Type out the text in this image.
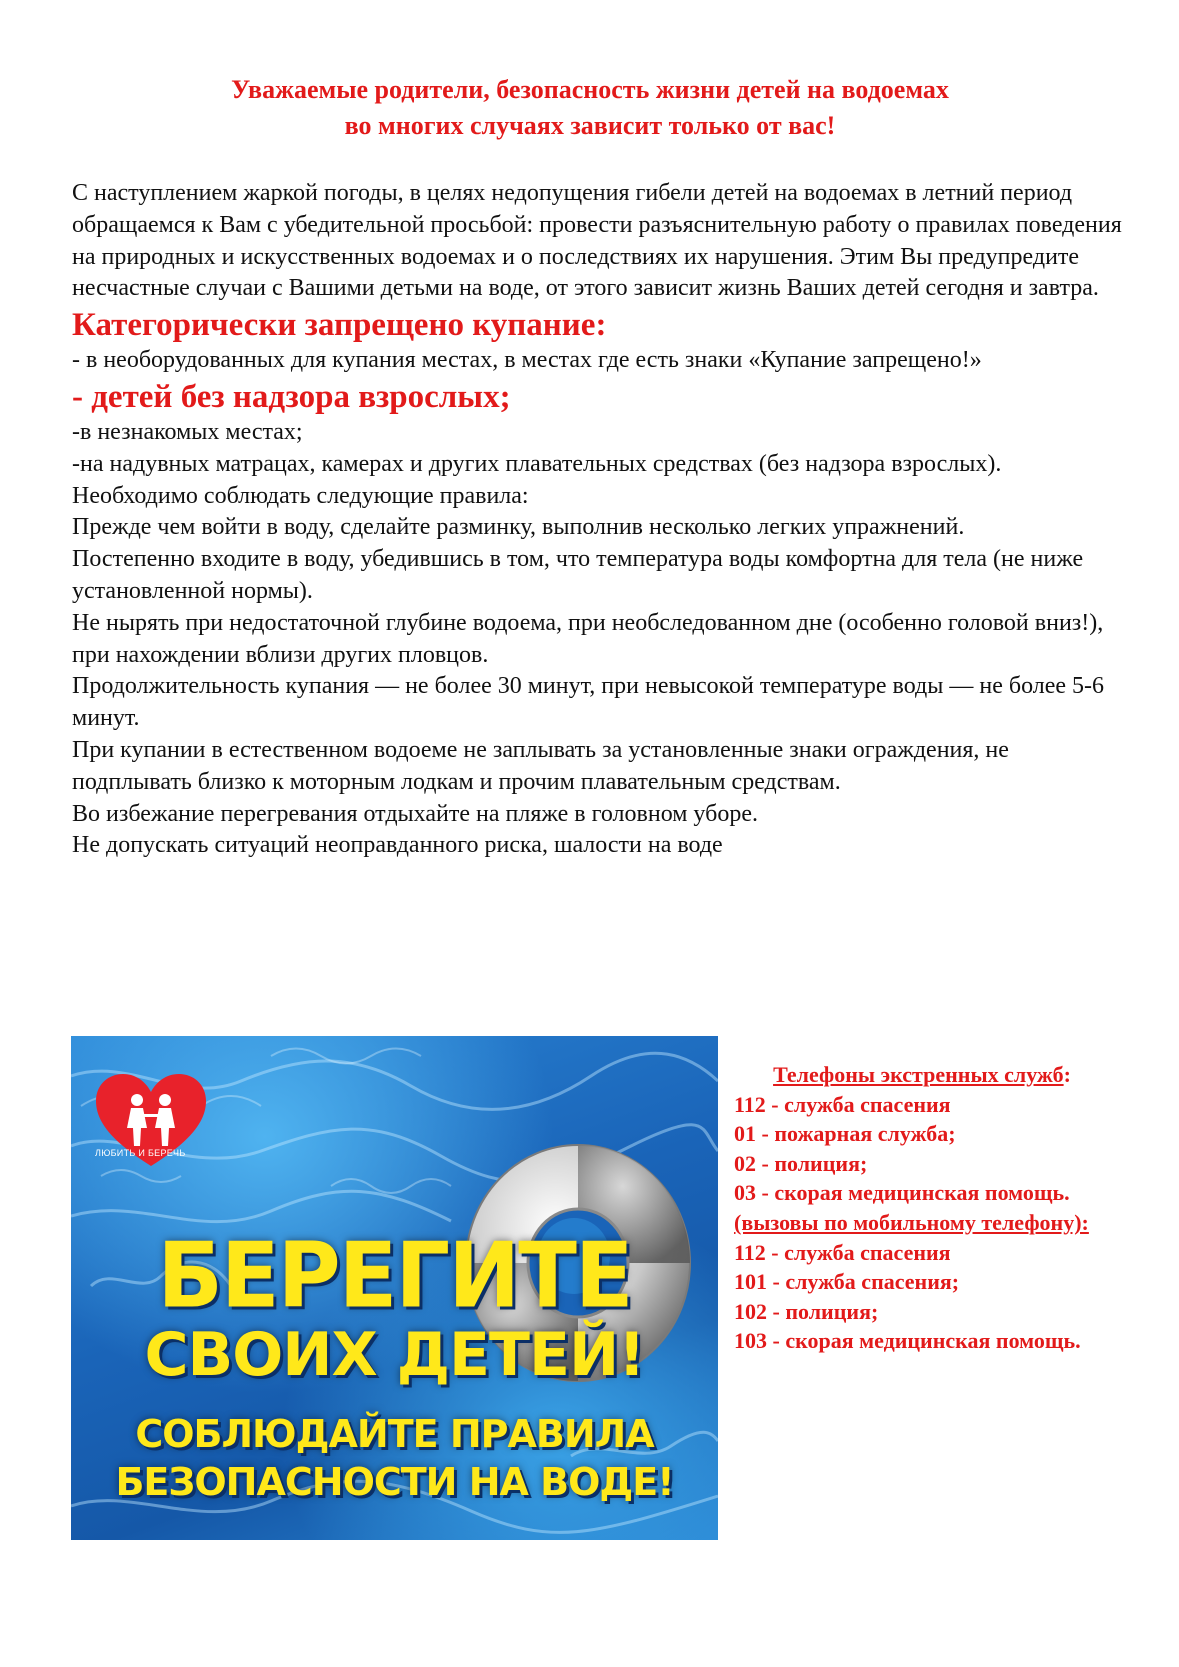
Уважаемые родители, безопасность жизни детей на водоемах
во многих случаях зависит только от вас!

С наступлением жаркой погоды, в целях недопущения гибели детей на водоемах в летний период обращаемся к Вам с убедительной просьбой: провести разъяснительную работу о правилах поведения на природных и искусственных водоемах и о последствиях их нарушения. Этим Вы предупредите несчастные случаи с Вашими детьми на воде, от этого зависит жизнь Ваших детей сегодня и завтра.

Категорически запрещено купание:

- в необорудованных для купания местах, в местах где есть знаки «Купание запрещено!»

- детей без надзора взрослых;

-в незнакомых местах;

-на надувных матрацах, камерах и других плавательных средствах (без надзора взрослых).

Необходимо соблюдать следующие правила:

Прежде чем войти в воду, сделайте разминку, выполнив несколько легких упражнений.

Постепенно входите в воду, убедившись в том, что температура воды комфортна для тела (не ниже установленной нормы).

Не нырять при недостаточной глубине водоема, при необследованном дне (особенно головой вниз!), при нахождении вблизи других пловцов.

Продолжительность купания — не более 30 минут, при невысокой температуре воды — не более 5-6 минут.

При купании в естественном водоеме не заплывать за установленные знаки ограждения, не подплывать близко к моторным лодкам и прочим плавательным средствам.

Во избежание перегревания отдыхайте на пляже в головном уборе.

Не допускать ситуаций неоправданного риска, шалости на воде

ЛЮБИТЬ И БЕРЕЧЬ
БЕРЕГИТЕ
СВОИХ ДЕТЕЙ!
СОБЛЮДАЙТЕ ПРАВИЛА
БЕЗОПАСНОСТИ НА ВОДЕ!
Телефоны экстренных служб:

112 - служба спасения

01 - пожарная служба;

02 - полиция;

03 - скорая медицинская помощь.

(вызовы по мобильному телефону):

112 - служба спасения

101 - служба спасения;

102 - полиция;

103 - скорая медицинская помощь.
